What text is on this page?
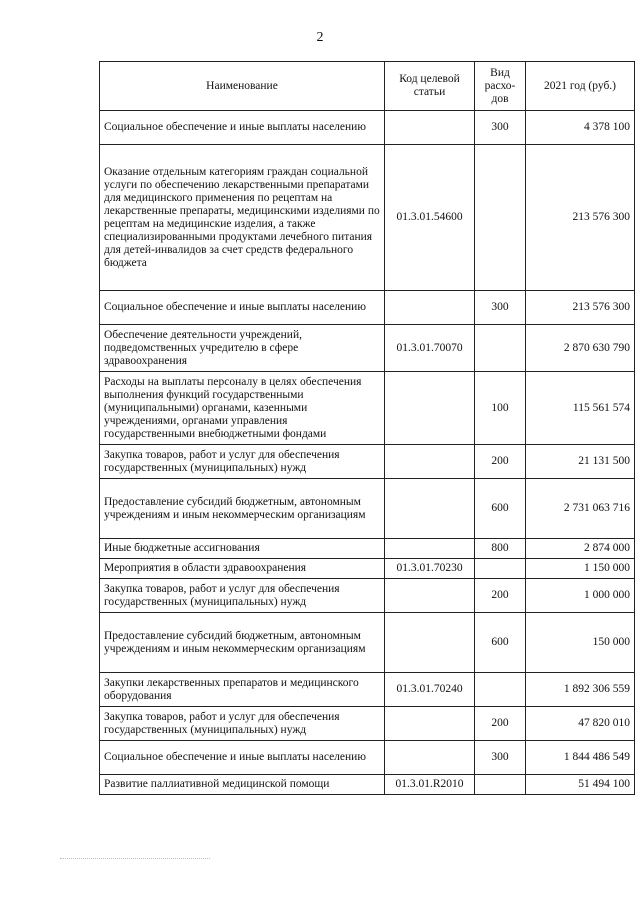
2
Наименование	Код целевой статьи	Вид расхо-дов	2021 год (руб.)
Социальное обеспечение и иные выплаты населению		300	4 378 100
Оказание отдельным категориям граждан социальной услуги по обеспечению лекарственными препаратами для медицинского применения по рецептам на лекарственные препараты, медицинскими изделиями по рецептам на медицинские изделия, а также специализированными продуктами лечебного питания для детей-инвалидов за счет средств федерального бюджета	01.3.01.54600		213 576 300
Социальное обеспечение и иные выплаты населению		300	213 576 300
Обеспечение деятельности учреждений, подведомственных учредителю в сфере здравоохранения	01.3.01.70070		2 870 630 790
Расходы на выплаты персоналу в целях обеспечения выполнения функций государственными (муниципальными) органами, казенными учреждениями, органами управления государственными внебюджетными фондами		100	115 561 574
Закупка товаров, работ и услуг для обеспечения государственных (муниципальных) нужд		200	21 131 500
Предоставление субсидий бюджетным, автономным учреждениям и иным некоммерческим организациям		600	2 731 063 716
Иные бюджетные ассигнования		800	2 874 000
Мероприятия в области здравоохранения	01.3.01.70230		1 150 000
Закупка товаров, работ и услуг для обеспечения государственных (муниципальных) нужд		200	1 000 000
Предоставление субсидий бюджетным, автономным учреждениям и иным некоммерческим организациям		600	150 000
Закупки лекарственных препаратов и медицинского оборудования	01.3.01.70240		1 892 306 559
Закупка товаров, работ и услуг для обеспечения государственных (муниципальных) нужд		200	47 820 010
Социальное обеспечение и иные выплаты населению		300	1 844 486 549
Развитие паллиативной медицинской помощи	01.3.01.R2010		51 494 100
